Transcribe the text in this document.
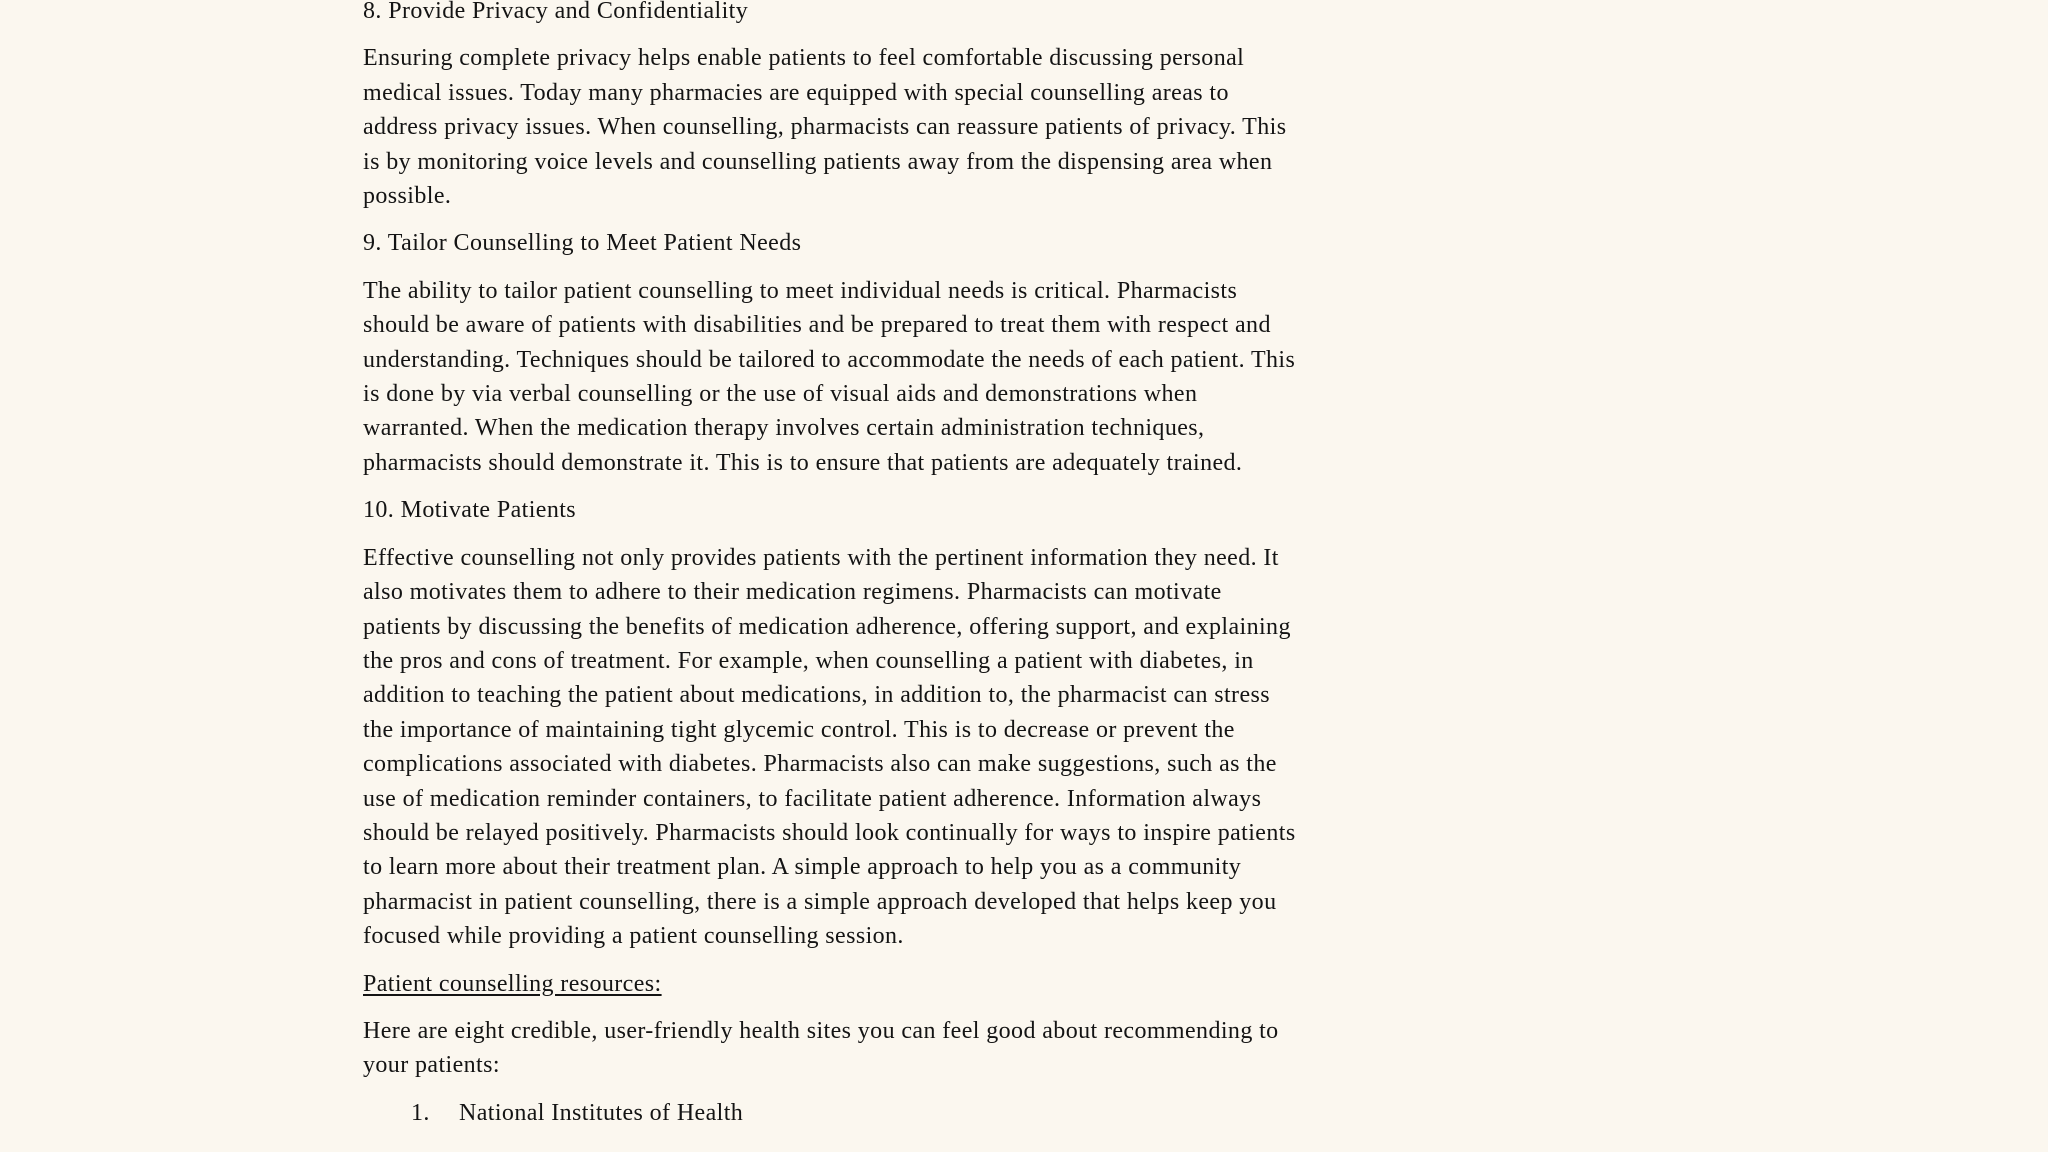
8. Provide Privacy and Confidentiality
Ensuring complete privacy helps enable patients to feel comfortable discussing personal
medical issues. Today many pharmacies are equipped with special counselling areas to
address privacy issues. When counselling, pharmacists can reassure patients of privacy. This
is by monitoring voice levels and counselling patients away from the dispensing area when
possible.
9. Tailor Counselling to Meet Patient Needs
The ability to tailor patient counselling to meet individual needs is critical. Pharmacists
should be aware of patients with disabilities and be prepared to treat them with respect and
understanding. Techniques should be tailored to accommodate the needs of each patient. This
is done by via verbal counselling or the use of visual aids and demonstrations when
warranted. When the medication therapy involves certain administration techniques,
pharmacists should demonstrate it. This is to ensure that patients are adequately trained.
10. Motivate Patients
Effective counselling not only provides patients with the pertinent information they need. It
also motivates them to adhere to their medication regimens. Pharmacists can motivate
patients by discussing the benefits of medication adherence, offering support, and explaining
the pros and cons of treatment. For example, when counselling a patient with diabetes, in
addition to teaching the patient about medications, in addition to, the pharmacist can stress
the importance of maintaining tight glycemic control. This is to decrease or prevent the
complications associated with diabetes. Pharmacists also can make suggestions, such as the
use of medication reminder containers, to facilitate patient adherence. Information always
should be relayed positively. Pharmacists should look continually for ways to inspire patients
to learn more about their treatment plan. A simple approach to help you as a community
pharmacist in patient counselling, there is a simple approach developed that helps keep you
focused while providing a patient counselling session.
Patient counselling resources:
Here are eight credible, user-friendly health sites you can feel good about recommending to
your patients:
1.	National Institutes of Health
